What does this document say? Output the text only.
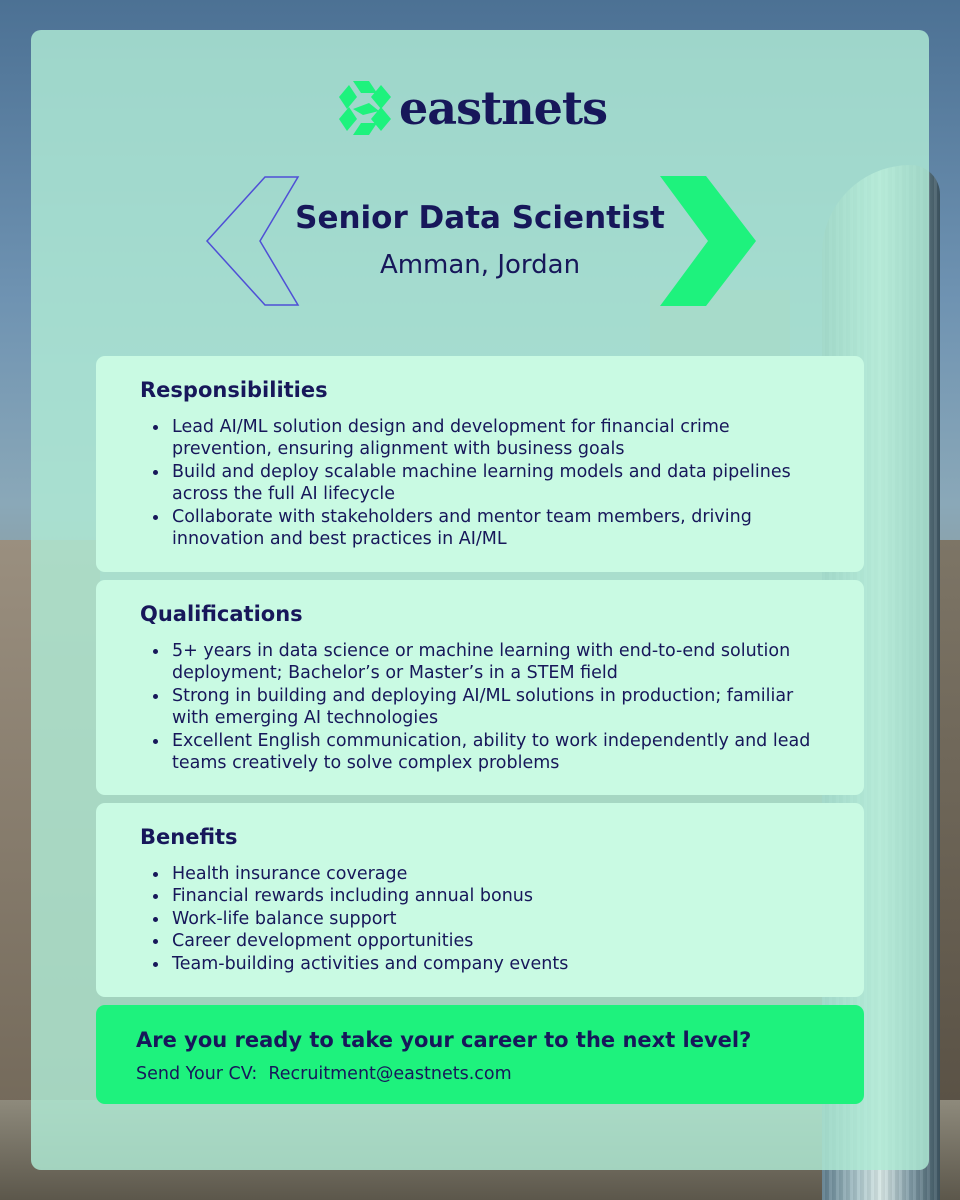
eastnets
Senior Data Scientist
Amman, Jordan
Responsibilities
Lead AI/ML solution design and development for financial crime prevention, ensuring alignment with business goals
Build and deploy scalable machine learning models and data pipelines across the full AI lifecycle
Collaborate with stakeholders and mentor team members, driving innovation and best practices in AI/ML
Qualifications
5+ years in data science or machine learning with end-to-end solution deployment; Bachelor’s or Master’s in a STEM field
Strong in building and deploying AI/ML solutions in production; familiar with emerging AI technologies
Excellent English communication, ability to work independently and lead teams creatively to solve complex problems
Benefits
Health insurance coverage
Financial rewards including annual bonus
Work-life balance support
Career development opportunities
Team-building activities and company events
Are you ready to take your career to the next level?
Send Your CV: Recruitment@eastnets.com
